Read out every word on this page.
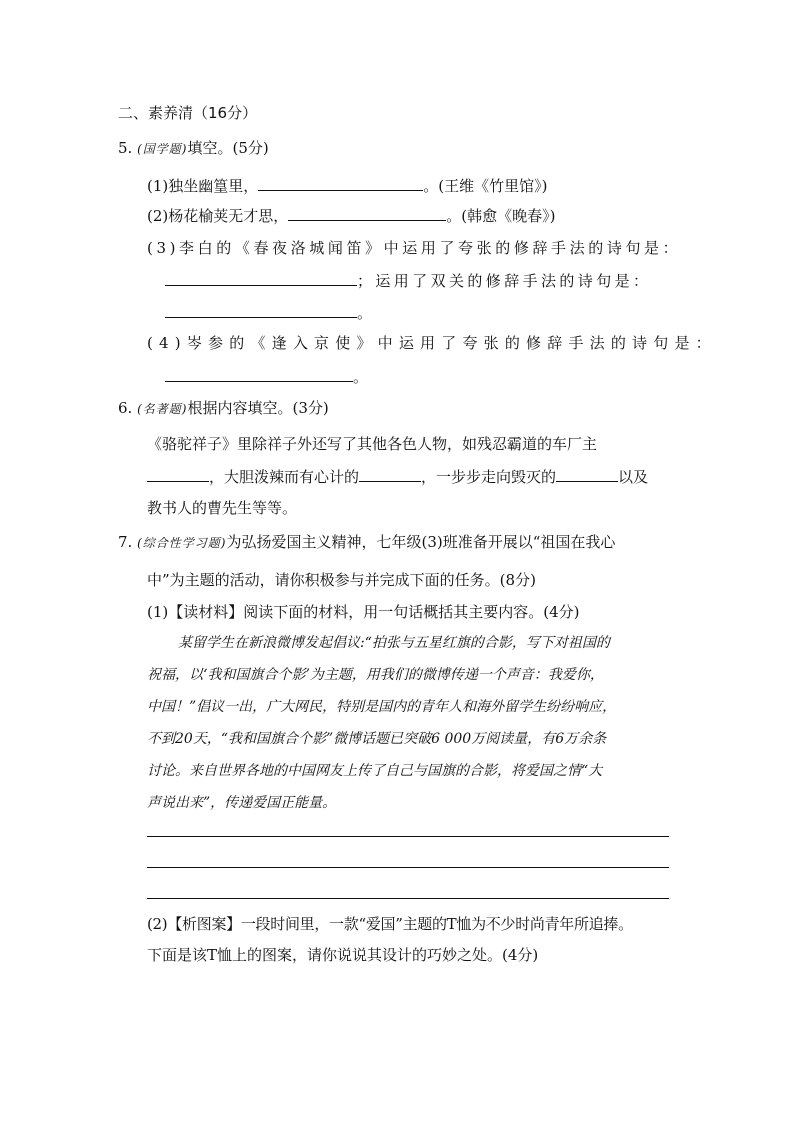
二、素养清（16分）
5. (国学题)填空。(5分)
(1)独坐幽篁里，	。(王维《竹里馆》)
(2)杨花榆荚无才思，	。(韩愈《晚春》)
(3)李白的《春夜洛城闻笛》中运用了夸张的修辞手法的诗句是：
；运用了双关的修辞手法的诗句是：
。
(4)岑参的《逢入京使》中运用了夸张的修辞手法的诗句是：
。
6. (名著题)根据内容填空。(3分)
《骆驼祥子》里除祥子外还写了其他各色人物，如残忍霸道的车厂主
，大胆泼辣而有心计的	，一步步走向毁灭的	以及
教书人的曹先生等等。
7. (综合性学习题)为弘扬爱国主义精神，七年级(3)班准备开展以“祖国在我心
中”为主题的活动，请你积极参与并完成下面的任务。(8分)
(1)【读材料】阅读下面的材料，用一句话概括其主要内容。(4分)
某留学生在新浪微博发起倡议:“拍张与五星红旗的合影，写下对祖国的
祝福，以‘我和国旗合个影’为主题，用我们的微博传递一个声音：我爱你，
中国！”倡议一出，广大网民，特别是国内的青年人和海外留学生纷纷响应，
不到20天，“我和国旗合个影”微博话题已突破6 000万阅读量，有6万余条
讨论。来自世界各地的中国网友上传了自己与国旗的合影，将爱国之情“大
声说出来”，传递爱国正能量。
(2)【析图案】一段时间里，一款“爱国”主题的T恤为不少时尚青年所追捧。
下面是该T恤上的图案，请你说说其设计的巧妙之处。(4分)
